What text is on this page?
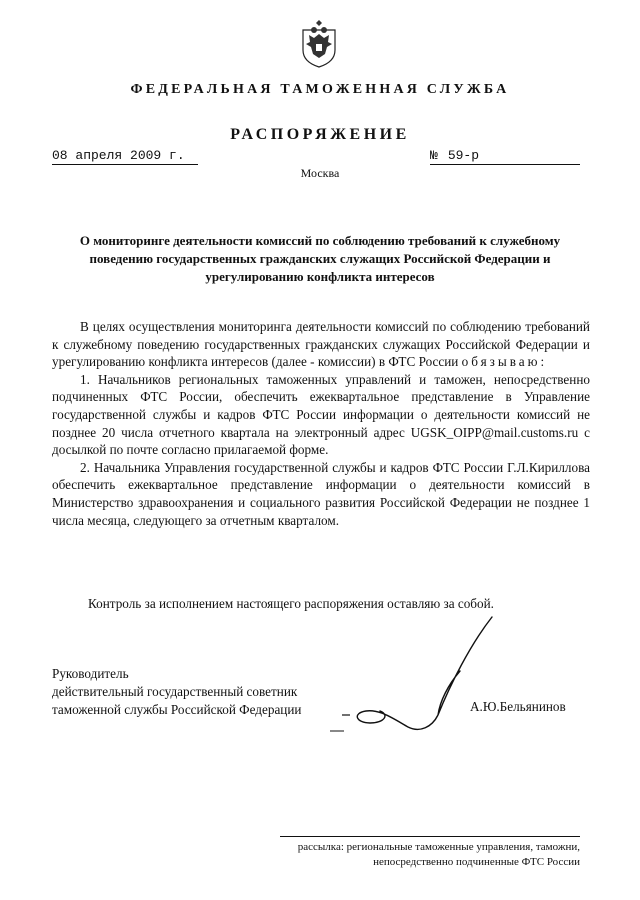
ФЕДЕРАЛЬНАЯ ТАМОЖЕННАЯ СЛУЖБА
РАСПОРЯЖЕНИЕ
08 апреля 2009 г.	№ 59-р
Москва
О мониторинге деятельности комиссий по соблюдению требований к служебному поведению государственных гражданских служащих Российской Федерации и урегулированию конфликта интересов

В целях осуществления мониторинга деятельности комиссий по соблюдению требований к служебному поведению государственных гражданских служащих Российской Федерации и урегулированию конфликта интересов (далее - комиссии) в ФТС России обязываю:

1. Начальников региональных таможенных управлений и таможен, непосредственно подчиненных ФТС России, обеспечить ежеквартальное представление в Управление государственной службы и кадров ФТС России информации о деятельности комиссий не позднее 20 числа отчетного квартала на электронный адрес UGSK_OIPP@mail.customs.ru с досылкой по почте согласно прилагаемой форме.

2. Начальника Управления государственной службы и кадров ФТС России Г.Л.Кириллова обеспечить ежеквартальное представление информации о деятельности комиссий в Министерство здравоохранения и социального развития Российской Федерации не позднее 1 числа месяца, следующего за отчетным кварталом.

Контроль за исполнением настоящего распоряжения оставляю за собой.
Руководитель
действительный государственный советник
таможенной службы Российской Федерации	А.Ю.Бельянинов
рассылка: региональные таможенные управления, таможни,
непосредственно подчиненные ФТС России
